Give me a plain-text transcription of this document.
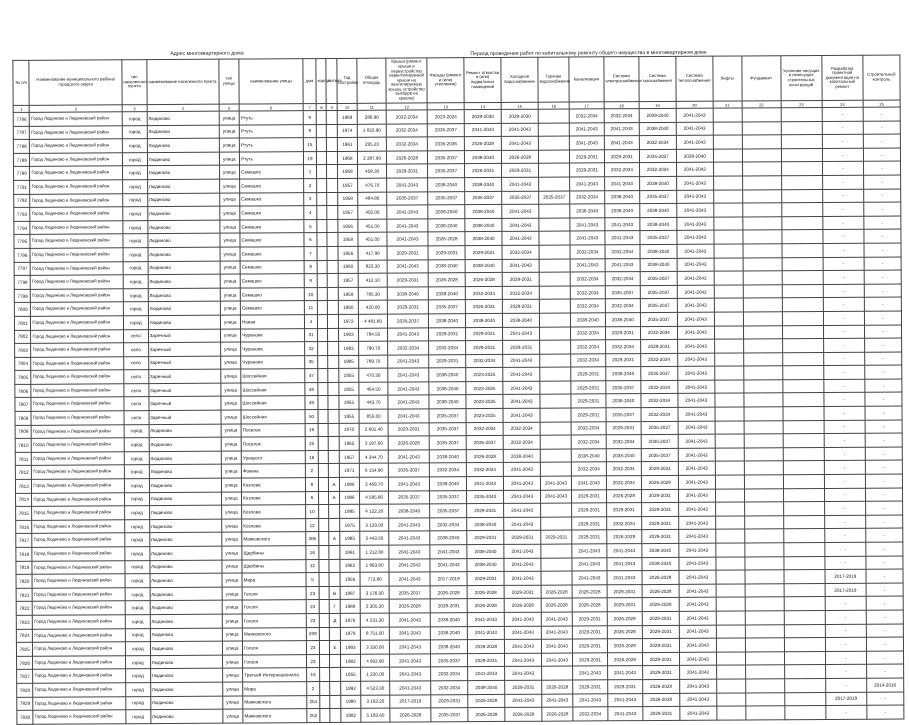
Адрес многоквартирного дома	Период проведения работ по капитальному ремонту общего имущества в многоквартирном доме
№ п/п	Наименование муниципального района/городского округа	тип населенного пункта	наименование населенного пункта	тип улицы	наименование улицы	дом	корпус	литера	Год постройки	Общая площадь	Крыша (ремонт крыши и переустройство невентилируемой крыши на вентилируемую крышу, устройство выходов на кровлю)	Фасады (ремонт и (или) утепление)	Ремонт отмостки и (или) подвальных помещений	Холодное водоснабжение	Горячее водоснабжение	Канализация	Система электроснабжения	Система газоснабжения	Система теплоснабжения	Лифты	Фундамент	Усиление несущих и ненесущих строительных конструкций	Разработка проектной документации на капитальный ремонт	Строительный контроль
1	2	3	4	5	6	7	8	9	10	11	12	13	14	15	16	17	18	19	20	21	22	23	24	25
7786	Город Людиново и Людиновский район	город	Людиново	улица	Ртуть	9			1969	286.90	2032-2034	2023-2024	2029-2030	2029-2030		2032-2034	2032-2034	2039-2040	2041-2043				-	-
7787	Город Людиново и Людиновский район	город	Людиново	улица	Ртуть	9			1974	1 823.90	2032-2034	2035-2037	2041-2043	2041-2043		2041-2043	2041-2043	2038-2040	2041-2043				-	-
7788	Город Людиново и Людиновский район	город	Людиново	улица	Ртуть	15			1961	295.20	2032-2034	2035-2036	2026-2028	2041-2043		2041-2043	2041-2043	2032-2034	2041-2043				-	-
7789	Город Людиново и Людиновский район	город	Людиново	улица	Ртуть	19			1968	2 287.90	2026-2028	2035-2037	2038-2040	2026-2028		2029-2031	2029-2031	2035-2037	2038-2040				-	-
7790	Город Людиново и Людиновский район	город	Людиново	улица	Семашко	1			1958	458.30	2029-2031	2035-2037	2026-2031	2029-2031		2029-2031	2032-2034	2032-2034	2041-2043				-	-
7791	Город Людиново и Людиновский район	город	Людиново	улица	Семашко	2			1957	476.70	2041-2043	2038-2040	2038-2040	2041-2043		2041-2043	2041-2043	2038-2040	2041-2043				-	-
7792	Город Людиново и Людиновский район	город	Людиново	улица	Семашко	3			1958	484.80	2035-2037	2035-2037	2035-2037	2035-2037	2035-2037	2032-2034	2038-2040	2035-2037	2041-2043				-	-
7793	Город Людиново и Людиновский район	город	Людиново	улица	Семашко	4			1957	455.00	2041-2043	2038-2040	2038-2040	2041-2043		2038-2040	2038-2040	2038-2040	2041-2043				-	-
7794	Город Людиново и Людиновский район	город	Людиново	улица	Семашко	5			1956	451.00	2041-2043	2038-2040	2038-2040	2041-2043		2041-2043	2041-2043	2038-2040	2041-2043				-	-
7795	Город Людиново и Людиновский район	город	Людиново	улица	Семашко	6			1958	451.00	2041-2043	2026-2028	2038-2040	2041-2043		2041-2043	2041-2043	2035-2037	2041-2043				-	-
7796	Город Людиново и Людиновский район	город	Людиново	улица	Семашко	7			1956	417.90	2029-2031	2029-2031	2029-2031	2032-2034		2032-2034	2032-2034	2038-2040	2041-2043				-	-
7797	Город Людиново и Людиновский район	город	Людиново	улица	Семашко	8			1960	823.30	2041-2043	2038-2040	2038-2040	2041-2043		2041-2043	2041-2043	2038-2040	2041-2043				-	-
7798	Город Людиново и Людиновский район	город	Людиново	улица	Семашко	9			1957	412.10	2029-2031	2026-2028	2026-2028	2029-2031		2032-2034	2032-2034	2035-2037	2041-2043				-	-
7799	Город Людиново и Людиновский район	город	Людиново	улица	Семашко	10			1959	785.30	2038-2040	2038-2040	2032-2034	2032-2034		2032-2034	2035-2037	2035-2037	2041-2043				-	-
7800	Город Людиново и Людиновский район	город	Людиново	улица	Семашко	11			1960	420.00	2029-2031	2035-2037	2026-2031	2029-2031		2032-2034	2032-2034	2035-2037	2041-2043				-	-
7801	Город Людиново и Людиновский район	город	Людиново	улица	Новая	4			1972	4 481.80	2035-2037	2038-2040	2038-2040	2038-2040		2038-2040	2038-2040	2035-2037	2041-2043				-	-
7802	Город Людиново и Людиновский район	село	Заречный	улица	Чуранова	31			1983	784.50	2041-2043	2029-2031	2029-2031	2041-2043		2032-2034	2029-2031	2032-2034	2041-2043				-	-
7803	Город Людиново и Людиновский район	село	Заречный	улица	Чуранова	32			1983	790.70	2032-2034	2032-2034	2029-2031	2029-2031		2032-2034	2032-2034	2029-2031	2041-2043				-	-
7804	Город Людиново и Людиновский район	село	Заречный	улица	Чуранова	35			1985	789.70	2041-2043	2029-2031	2032-2034	2041-2043		2032-2034	2029-2031	2032-2034	2041-2043				-	-
7805	Город Людиново и Людиновский район	село	Заречный	улица	Шоссейная	47			1955	470.30	2041-2043	2038-2040	2023-2025	2041-2043		2029-2031	2038-2040	2035-2037	2041-2043				-	-
7806	Город Людиново и Людиновский район	село	Заречный	улица	Шоссейная	48			1955	464.50	2041-2043	2038-2040	2023-2025	2041-2043		2029-2031	2035-2037	2032-2034	2041-2043				-	-
7807	Город Людиново и Людиновский район	село	Заречный	улица	Шоссейная	49			1955	443.70	2041-2043	2038-2040	2023-2025	2041-2043		2029-2031	2038-2040	2032-2034	2041-2043				-	-
7808	Город Людиново и Людиновский район	село	Заречный	улица	Шоссейная	50			1955	855.00	2041-2043	2035-2037	2023-2025	2041-2043		2029-2031	2035-2037	2032-2034	2041-2043				-	-
7809	Город Людиново и Людиновский район	город	Людиново	улица	Поселок	16			1970	2 601.40	2029-2031	2035-2037	2032-2034	2032-2034		2032-2034	2029-2031	2035-2037	2041-2043				-	-
7810	Город Людиново и Людиновский район	город	Людиново	улица	Поселок	25			1965	3 197.60	2026-2028	2035-2037	2035-2037	2032-2034		2032-2034	2032-2034	2035-2037	2041-2043				-	-
7811	Город Людиново и Людиновский район	город	Людиново	улица	Урицкого	16			1957	4 344.70	2041-2043	2038-2040	2026-2028	2038-2040		2038-2040	2038-2040	2035-2037	2041-2043				-	-
7812	Город Людиново и Людиновский район	город	Людиново	улица	Фокина	2			1971	6 154.90	2035-2037	2032-2034	2032-2034	2041-2043		2032-2034	2032-2034	2029-2031	2041-2043				-	-
7813	Город Людиново и Людиновский район	город	Людиново	улица	Козлова	8		А	1986	3 469.70	2041-2043	2038-2040	2041-2043	2041-2043	2041-2043	2041-2043	2032-2034	2026-2028	2041-2043				-	-
7814	Город Людиново и Людиновский район	город	Людиново	улица	Козлова	6		А	1986	4 585.80	2035-2037	2035-2037	2035-2040	2041-2043	2041-2043	2029-2031	2026-2028	2029-2031	2041-2043				-	-
7815	Город Людиново и Людиновский район	город	Людиново	улица	Козлова	10			1985	4 122.20	2038-2040	2035-2037	2029-2031	2041-2043		2029-2031	2029-2031	2029-2031	2041-2043				-	-
7816	Город Людиново и Людиновский район	город	Людиново	улица	Козлова	12			1975	3 129.00	2041-2043	2032-2034	2038-2040	2041-2043		2029-2031	2032-2034	2029-2031	2041-2043				-	-
7817	Город Людиново и Людиновский район	город	Людиново	улица	Маяковского	306		А	1985	3 443.50	2041-2043	2038-2040	2029-2031	2029-2031	2029-2031	2029-2031	2026-2028	2029-2031	2041-2043				-	-
7818	Город Людиново и Людиновский район	город	Людиново	улица	Щербины	16			1961	1 212.80	2041-2043	2041-2043	2038-2040	2041-2043		2041-2043	2041-2043	2038-2040	2041-2043				-	-
7819	Город Людиново и Людиновский район	город	Людиново	улица	Щербины	12			1962	1 863.80	2041-2043	2041-2043	2038-2040	2041-2043		2041-2043	2041-2043	2038-2040	2041-2043				-	-
7820	Город Людиново и Людиновский район	город	Людиново	улица	Мира	5			1956	773.80	2041-2043	2017-2019	2029-2031	2041-2043		2041-2043	2041-2043	2026-2028	2041-2043				2017-2019	-
7821	Город Людиново и Людиновский район	город	Людиново	улица	Гоголя	23		В	1987	3 176.00	2035-2037	2026-2028	2026-2028	2029-2031	2026-2028	2026-2028	2029-2031	2026-2028	2041-2043				2017-2019	-
7822	Город Людиново и Людиновский район	город	Людиново	улица	Гоголя	23		Г	1988	3 305.30	2026-2028	2029-2031	2026-2028	2026-2028	2026-2028	2026-2028	2029-2031	2026-2028	2041-2043				-	-
7823	Город Людиново и Людиновский район	город	Людиново	улица	Гоголя	23		Д	1976	4 231.30	2041-2043	2038-2040	2041-2043	2041-2043	2041-2043	2029-2031	2026-2028	2029-2031	2041-2043				-	-
7824	Город Людиново и Людиновский район	город	Людиново	улица	Маяковского	209			1979	8 751.00	2041-2043	2038-2040	2041-2043	2041-2043	2041-2043	2029-2031	2026-2028	2029-2031	2041-2043				-	-
7825	Город Людиново и Людиновский район	город	Людиново	улица	Гоголя	23		Е	1993	3 330.00	2041-2043	2038-2040	2026-2028	2041-2043	2041-2043	2029-2031	2026-2028	2029-2031	2041-2043				-	-
7826	Город Людиново и Людиновский район	город	Людиново	улица	Гоголя	23			1982	4 902.90	2041-2043	2035-2037	2029-2031	2041-2043	2041-2043	2029-2031	2026-2028	2029-2031	2041-2043				-	-
7827	Город Людиново и Людиновский район	город	Людиново	улица	Третьей Интернационала	16			1955	1 220.00	2041-2043	2032-2034	2041-2043	2041-2043		2041-2043	2041-2043	2029-2031	2041-2043				-	-
7828	Город Людиново и Людиновский район	город	Людиново	улица	Мира	2			1992	4 523.30	2041-2043	2032-2034	2038-2040	2029-2031	2026-2028	2029-2031	2029-2031	2026-2028	2041-2043				-	2014-2016
7829	Город Людиново и Людиновский район	город	Людиново	улица	Маяковского	254			1980	3 163.20	2017-2019	2029-2031	2026-2028	2041-2043	2041-2043	2041-2043	2041-2043	2026-2028	2041-2043				2017-2019	-
7830	Город Людиново и Людиновский район	город	Людиново	улица	Маяковского	252			1982	5 183.60	2026-2028	2035-2037	2026-2028	2026-2028	2026-2028	2032-2034	2041-2043	2029-2031	2041-2043				-	-
